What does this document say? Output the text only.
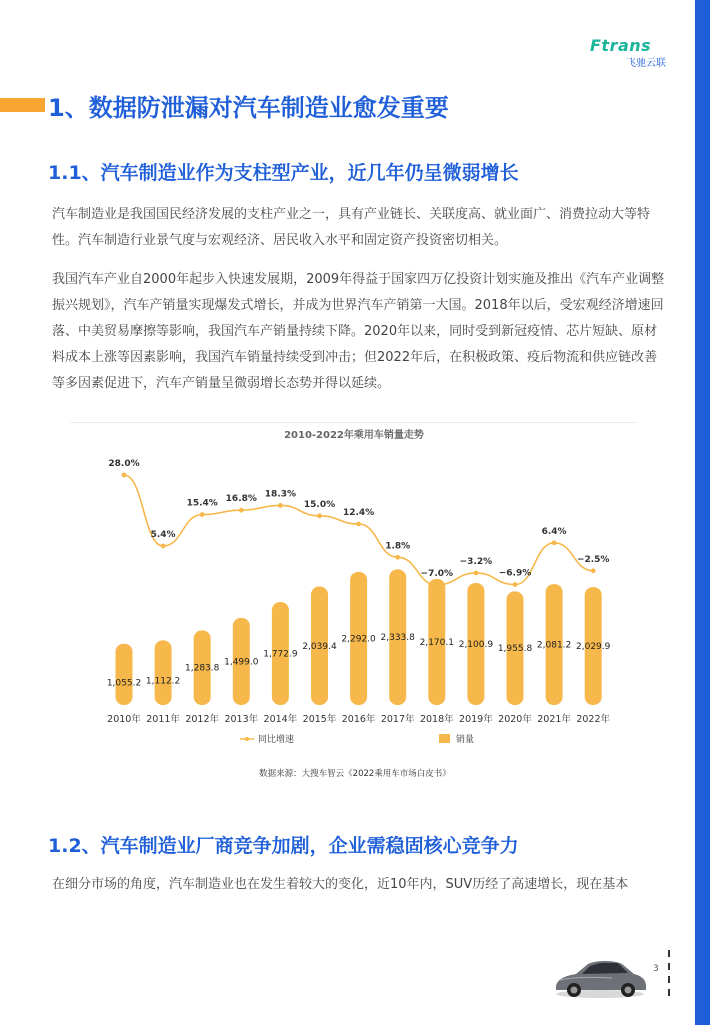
Ftrans
飞驰云联
1、数据防泄漏对汽车制造业愈发重要
1.1、汽车制造业作为支柱型产业，近几年仍呈微弱增长

汽车制造业是我国国民经济发展的支柱产业之一，具有产业链长、关联度高、就业面广、消费拉动大等特性。汽车制造行业景气度与宏观经济、居民收入水平和固定资产投资密切相关。

我国汽车产业自2000年起步入快速发展期，2009年得益于国家四万亿投资计划实施及推出《汽车产业调整振兴规划》，汽车产销量实现爆发式增长，并成为世界汽车产销第一大国。2018年以后，受宏观经济增速回落、中美贸易摩擦等影响，我国汽车产销量持续下降。2020年以来，同时受到新冠疫情、芯片短缺、原材料成本上涨等因素影响，我国汽车销量持续受到冲击；但2022年后，在积极政策、疫后物流和供应链改善等多因素促进下，汽车产销量呈微弱增长态势并得以延续。

2010-2022年乘用车销量走势
1,055.2
2010年
1,112.2
2011年
1,283.8
2012年
1,499.0
2013年
1,772.9
2014年
2,039.4
2015年
2,292.0
2016年
2,333.8
2017年
2,170.1
2018年
2,100.9
2019年
1,955.8
2020年
2,081.2
2021年
2,029.9
2022年
28.0%
5.4%
15.4% 16.8% 18.3%
15.0%
12.4%
1.8%
−7.0%
−3.2%
−6.9%
6.4%
−2.5%
同比增速	销量
数据来源：大搜车智云《2022乘用车市场白皮书》
1.2、汽车制造业厂商竞争加剧，企业需稳固核心竞争力

在细分市场的角度，汽车制造业也在发生着较大的变化，近10年内，SUV历经了高速增长，现在基本

3
